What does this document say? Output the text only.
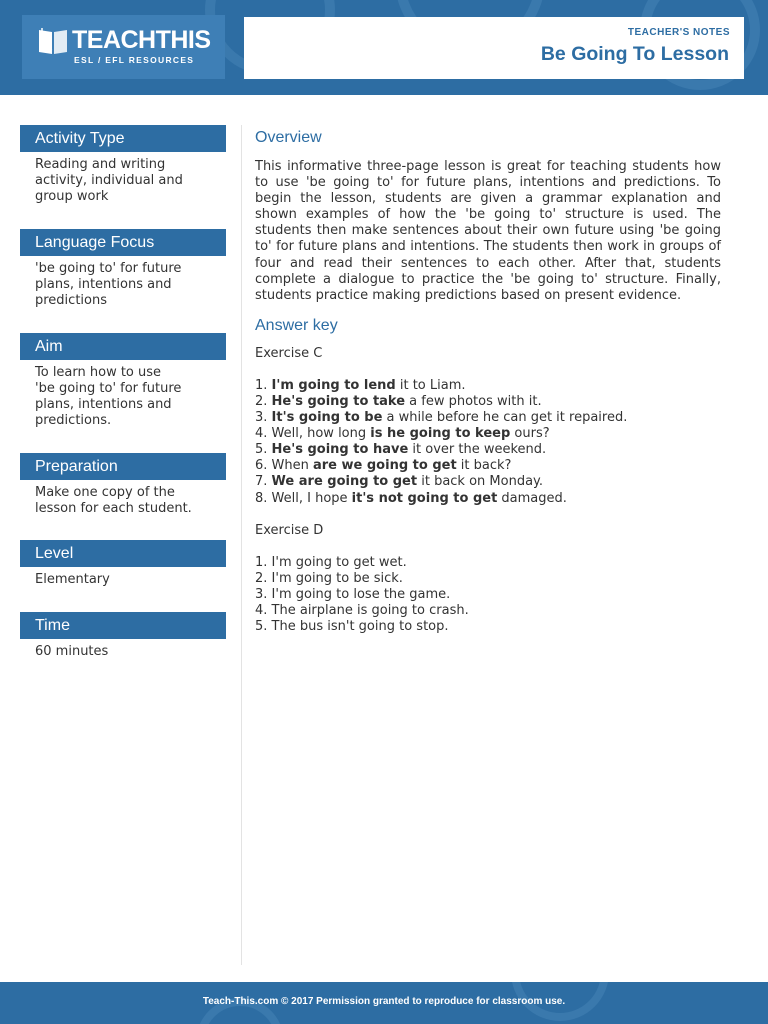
TEACHTHIS
ESL / EFL RESOURCES
TEACHER'S NOTES
Be Going To Lesson
Activity Type
Reading and writing
activity, individual and
group work
Language Focus
'be going to' for future
plans, intentions and
predictions
Aim
To learn how to use
'be going to' for future
plans, intentions and
predictions.
Preparation
Make one copy of the
lesson for each student.
Level
Elementary
Time
60 minutes
Overview

This informative three-page lesson is great for teaching students how to use 'be going to' for future plans, intentions and predictions. To begin the lesson, students are given a grammar explanation and shown examples of how the 'be going to' structure is used. The students then make sentences about their own future using 'be going to' for future plans and intentions. The students then work in groups of four and read their sentences to each other. After that, students complete a dialogue to practice the 'be going to' structure. Finally, students practice making predictions based on present evidence.

Answer key
Exercise C
1. I'm going to lend it to Liam.
2. He's going to take a few photos with it.
3. It's going to be a while before he can get it repaired.
4. Well, how long is he going to keep ours?
5. He's going to have it over the weekend.
6. When are we going to get it back?
7. We are going to get it back on Monday.
8. Well, I hope it's not going to get damaged.
Exercise D
1. I'm going to get wet.
2. I'm going to be sick.
3. I'm going to lose the game.
4. The airplane is going to crash.
5. The bus isn't going to stop.
Teach-This.com © 2017 Permission granted to reproduce for classroom use.
